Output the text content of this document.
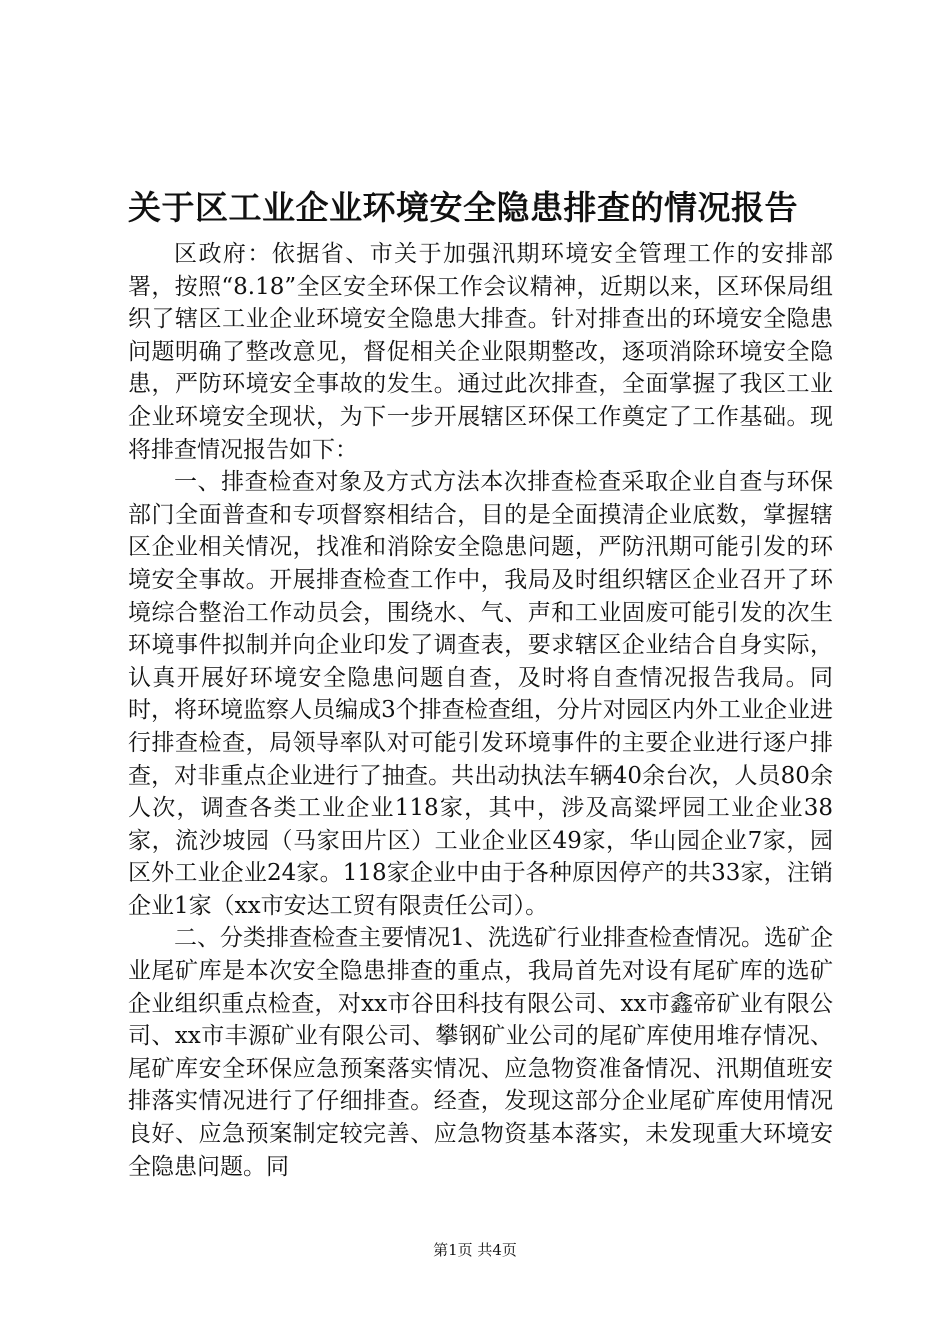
关于区工业企业环境安全隐患排查的情况报告

区政府：依据省、市关于加强汛期环境安全管理工作的安排部署，按照“8.18”全区安全环保工作会议精神，近期以来，区环保局组织了辖区工业企业环境安全隐患大排查。针对排查出的环境安全隐患问题明确了整改意见，督促相关企业限期整改，逐项消除环境安全隐患，严防环境安全事故的发生。通过此次排查，全面掌握了我区工业企业环境安全现状，为下一步开展辖区环保工作奠定了工作基础。现将排查情况报告如下：

一、排查检查对象及方式方法本次排查检查采取企业自查与环保部门全面普查和专项督察相结合，目的是全面摸清企业底数，掌握辖区企业相关情况，找准和消除安全隐患问题，严防汛期可能引发的环境安全事故。开展排查检查工作中，我局及时组织辖区企业召开了环境综合整治工作动员会，围绕水、气、声和工业固废可能引发的次生环境事件拟制并向企业印发了调查表，要求辖区企业结合自身实际，认真开展好环境安全隐患问题自查，及时将自查情况报告我局。同时，将环境监察人员编成3个排查检查组，分片对园区内外工业企业进行排查检查，局领导率队对可能引发环境事件的主要企业进行逐户排查，对非重点企业进行了抽查。共出动执法车辆40余台次，人员80余人次，调查各类工业企业118家，其中，涉及高粱坪园工业企业38家，流沙坡园（马家田片区）工业企业区49家，华山园企业7家，园区外工业企业24家。118家企业中由于各种原因停产的共33家，注销企业1家（xx市安达工贸有限责任公司）。

二、分类排查检查主要情况1、洗选矿行业排查检查情况。选矿企业尾矿库是本次安全隐患排查的重点，我局首先对设有尾矿库的选矿企业组织重点检查，对xx市谷田科技有限公司、xx市鑫帝矿业有限公司、xx市丰源矿业有限公司、攀钢矿业公司的尾矿库使用堆存情况、尾矿库安全环保应急预案落实情况、应急物资准备情况、汛期值班安排落实情况进行了仔细排查。经查，发现这部分企业尾矿库使用情况良好、应急预案制定较完善、应急物资基本落实，未发现重大环境安全隐患问题。同

第1页 共4页
